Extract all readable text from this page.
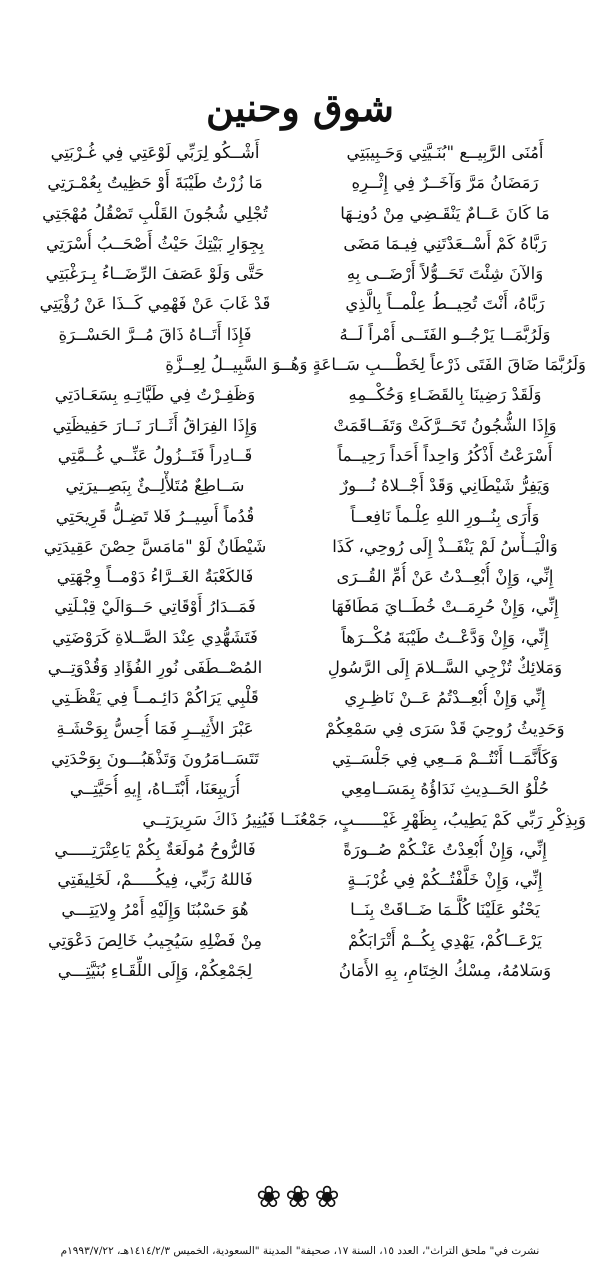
شوق وحنين
أَمُنَى الرَّبِيــع "بُنَـيَّتِي وَحَـبِيبَتِي
أَشْــكُو لِرَبِّي لَوْعَتِي فِي غُـرْبَتِي
رَمَضَانُ مَرَّ وَآخَــرٌ فِي إِثْــرِهِ
مَا زُرْتُ طَيْبَةَ أَوْ حَظِيتُ بِعُمْـرَتِي
مَا كَانَ عَــامٌ يَنْقَـضِي مِنْ دُونِـهَا
تُجْلِي شُجُونَ القَلْبِ تَصْقُلُ مُهْجَتِي
رَبَّاهُ كَمْ أَسْــعَدْتَنِي فِيـمَا مَضَى
بِجِوَارِ بَيْتِكَ حَيْثُ أَصْحَــبُ أُسْرَتِي
وَالآنَ شِئْتَ تَحَــوُّلاً أَرْضَــى بِهِ
حَتَّى وَلَوْ عَصَفَ الرِّضَــاءُ بِـرَغْبَتِي
رَبَّاهُ، أَنْتَ تُحِيــطُ عِلْمــاً بِالَّذِي
قَدْ غَابَ عَنْ فَهْمِي كَــذَا عَنْ رُؤْيَتِي
وَلَرُبَّمَــا يَرْجُــو الفَتَــى أَمْراً لَــهُ
فَإِذَا أَتَــاهُ ذَاقَ مُــرَّ الحَسْــرَةِ
وَلَرُبَّمَا ضَاقَ الفَتَى ذَرْعاً لِخَطْـــبِ سَــاعَةٍ وَهُــوَ السَّبِيــلُ لِعِــزَّةِ
وَلَقَدْ رَضِينَا بِالقَضَـاءِ وَحُكْــمِهِ
وَظَفِـرْتُ فِي طَيَّاتِـهِ بِسَعَـادَتِي
وَإِذَا الشُّجُونُ تَحَــرَّكَتْ وَتَفَــاقَمَتْ
وَإِذَا الفِرَاقُ أَثَــارَ نَــارَ حَفِيظَتِي
أَسْرَعْتُ أَذْكُرُ وَاحِداً أَحَداً رَحِيــماً
قَــادِراً فَتَــزُولُ عَنِّــي غُــمَّتِي
وَيَفِرُّ شَيْطَانِي وَقَدْ أَجْــلاهُ نُـــورٌ
سَــاطِعٌ مُتَلأْلِــئٌ بِبَصِــيرَتِي
وَأَرَى بِنُــورِ اللهِ عِلْـماً نَافِعــاً
قُدُماً أَسِيــرُ فَلا تَضِـلُّ قَرِيحَتِي
وَالْيَــأْسُ لَمْ يَنْفَــذْ إِلَى رُوحِي، كَذَا
شَيْطَانٌ لَوْ "مَامَسَّ حِصْنَ عَقِيدَتِي
إِنِّي، وَإِنْ أُبْعِــدْتُ عَنْ أُمِّ القُــرَى
فَالكَعْبَةُ الغَــرَّاءُ دَوْمــاً وِجْهَتِي
إِنِّي، وَإِنْ حُرِمَــتْ خُطَــايَ مَطَافَهَا
فَمَــدَارُ أَوْقَاتِي حَــوَالَيْ قِبْـلَتِي
إِنِّي، وَإِنْ وَدَّعْــتُ طَيْبَةَ مُكْــرَهاً
فَتَشَهُّدِي عِنْدَ الصَّــلاةِ كَرَوْضَتِي
وَمَلائِكٌ تُزْجِي السَّــلامَ إِلَى الرَّسُولِ
المُصْــطَفَى نُورِ الفُؤَادِ وَقُدْوَتِــي
إِنِّي وَإِنْ أُبْعِــدْتُمُ عَــنْ نَاظِـرِي
قَلْبِي يَرَاكُمْ دَائِـمــاً فِي يَقْظَـتِي
وَحَدِيثُ رُوحِيَ قَدْ سَرَى فِي سَمْعِكُمْ
عَبْرَ الأَثِيــرِ فَمَا أُحِسُّ بِوَحْشَـةِ
وَكَأَنَّمَــا أَنْتُــمْ مَــعِي فِي جَلْسَــتِي
تَتَسَــامَرُونَ وَتَذْهَبُـــونَ بِوَحْدَتِي
حُلْوُ الحَــدِيثِ نَدَاؤُهُ بِمَسَــامِعِي
أُرَيبِعَنَا، أَبْتَــاهُ، إِيهِ أُحَيَّتِــي
وَبِذِكْرِ رَبِّي كَمْ يَطِيبُ، بِظَهْرِ غَيْــــــبٍ، جَمْعُنَــا فَيُنِيرُ ذَاكَ سَرِيرَتِــي
إِنِّي، وَإِنْ أُبْعِدْتُ عَنْـكُمْ صُــورَةً
فَالرُّوحُ مُولَعَةٌ بِكُمْ يَاعِتْرَتِـــــي
إِنِّي، وَإِنْ خَلَّفْتُــكُمْ فِي غُرْبَــةٍ
فَاللهُ رَبِّي، فِيكُـــــمْ، لَخَلِيفَتِي
يَحْنُو عَلَيْنَا كُلَّـمَا ضَــاقَتْ بِنَــا
هُوَ حَسْبُنَا وَإِلَيْهِ أَمْرُ وِلايَتِـــي
يَرْعَــاكُمْ، يَهْدِي بِكُــمْ أَتْرَابَكُمْ
مِنْ فَضْلِهِ سَيُجِيبُ خَالِصَ دَعْوَتِي
وَسَلامُهُ، مِسْكُ الخِتَامِ، بِهِ الأَمَانُ
لِجَمْعِكُمْ، وَإِلَى اللِّقَـاءِ بُنَيَّتِـــي
❀❀❀
نشرت في" ملحق التراث"، العدد ١٥، السنة ١٧، صحيفة" المدينة "السعودية، الخميس ١٤١٤/٢/٣هـ، ١٩٩٣/٧/٢٢م
